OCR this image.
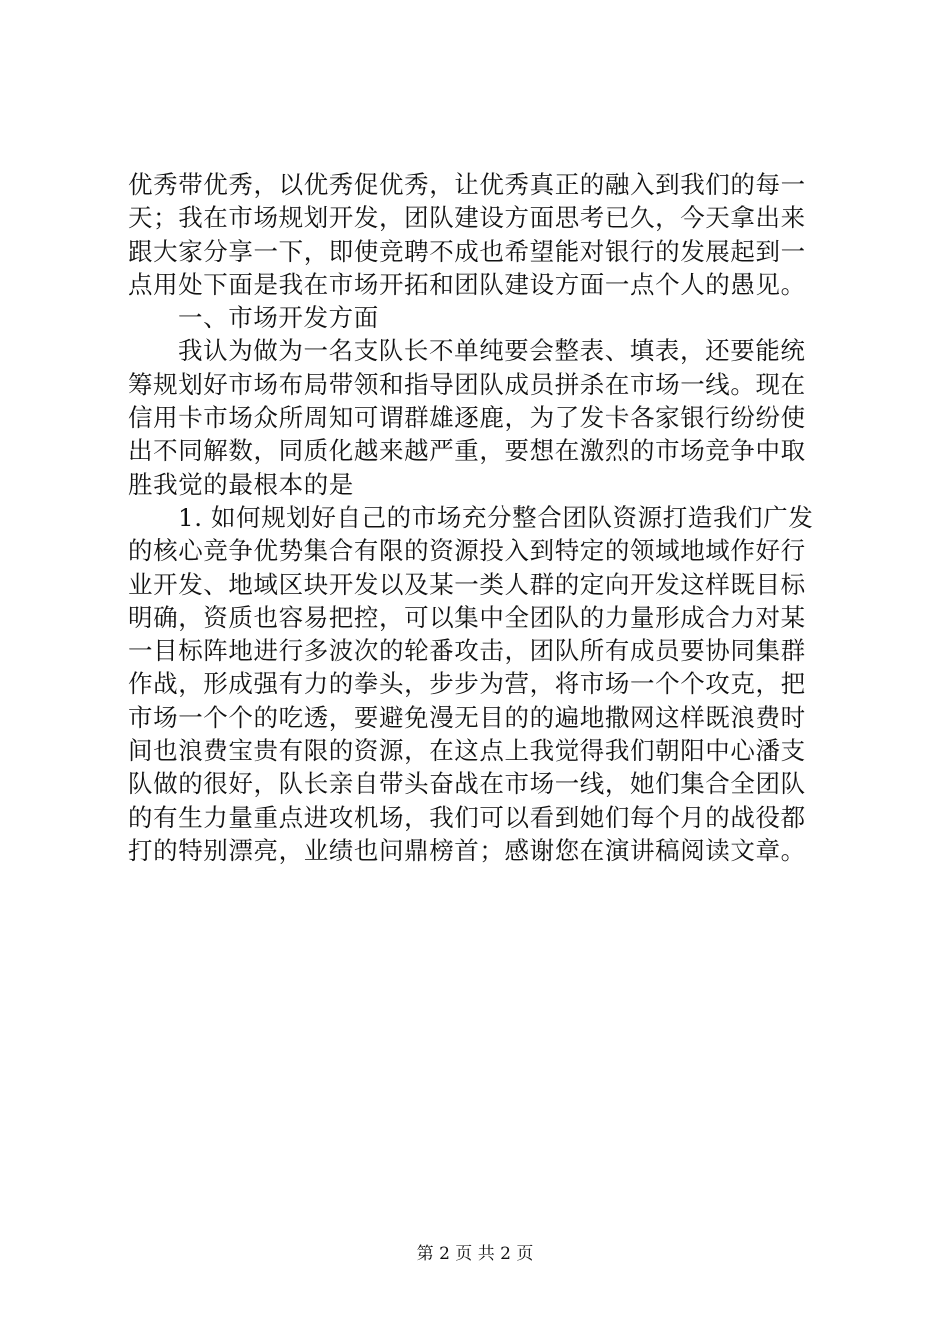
优秀带优秀，以优秀促优秀，让优秀真正的融入到我们的每一
天；我在市场规划开发，团队建设方面思考已久，今天拿出来
跟大家分享一下，即使竞聘不成也希望能对银行的发展起到一
点用处下面是我在市场开拓和团队建设方面一点个人的愚见。
一、市场开发方面
我认为做为一名支队长不单纯要会整表、填表，还要能统
筹规划好市场布局带领和指导团队成员拼杀在市场一线。现在
信用卡市场众所周知可谓群雄逐鹿，为了发卡各家银行纷纷使
出不同解数，同质化越来越严重，要想在激烈的市场竞争中取
胜我觉的最根本的是
1. 如何规划好自己的市场充分整合团队资源打造我们广发
的核心竞争优势集合有限的资源投入到特定的领域地域作好行
业开发、地域区块开发以及某一类人群的定向开发这样既目标
明确，资质也容易把控，可以集中全团队的力量形成合力对某
一目标阵地进行多波次的轮番攻击，团队所有成员要协同集群
作战，形成强有力的拳头，步步为营，将市场一个个攻克，把
市场一个个的吃透，要避免漫无目的的遍地撒网这样既浪费时
间也浪费宝贵有限的资源，在这点上我觉得我们朝阳中心潘支
队做的很好，队长亲自带头奋战在市场一线，她们集合全团队
的有生力量重点进攻机场，我们可以看到她们每个月的战役都
打的特别漂亮，业绩也问鼎榜首；感谢您在演讲稿阅读文章。
第 2 页 共 2 页
